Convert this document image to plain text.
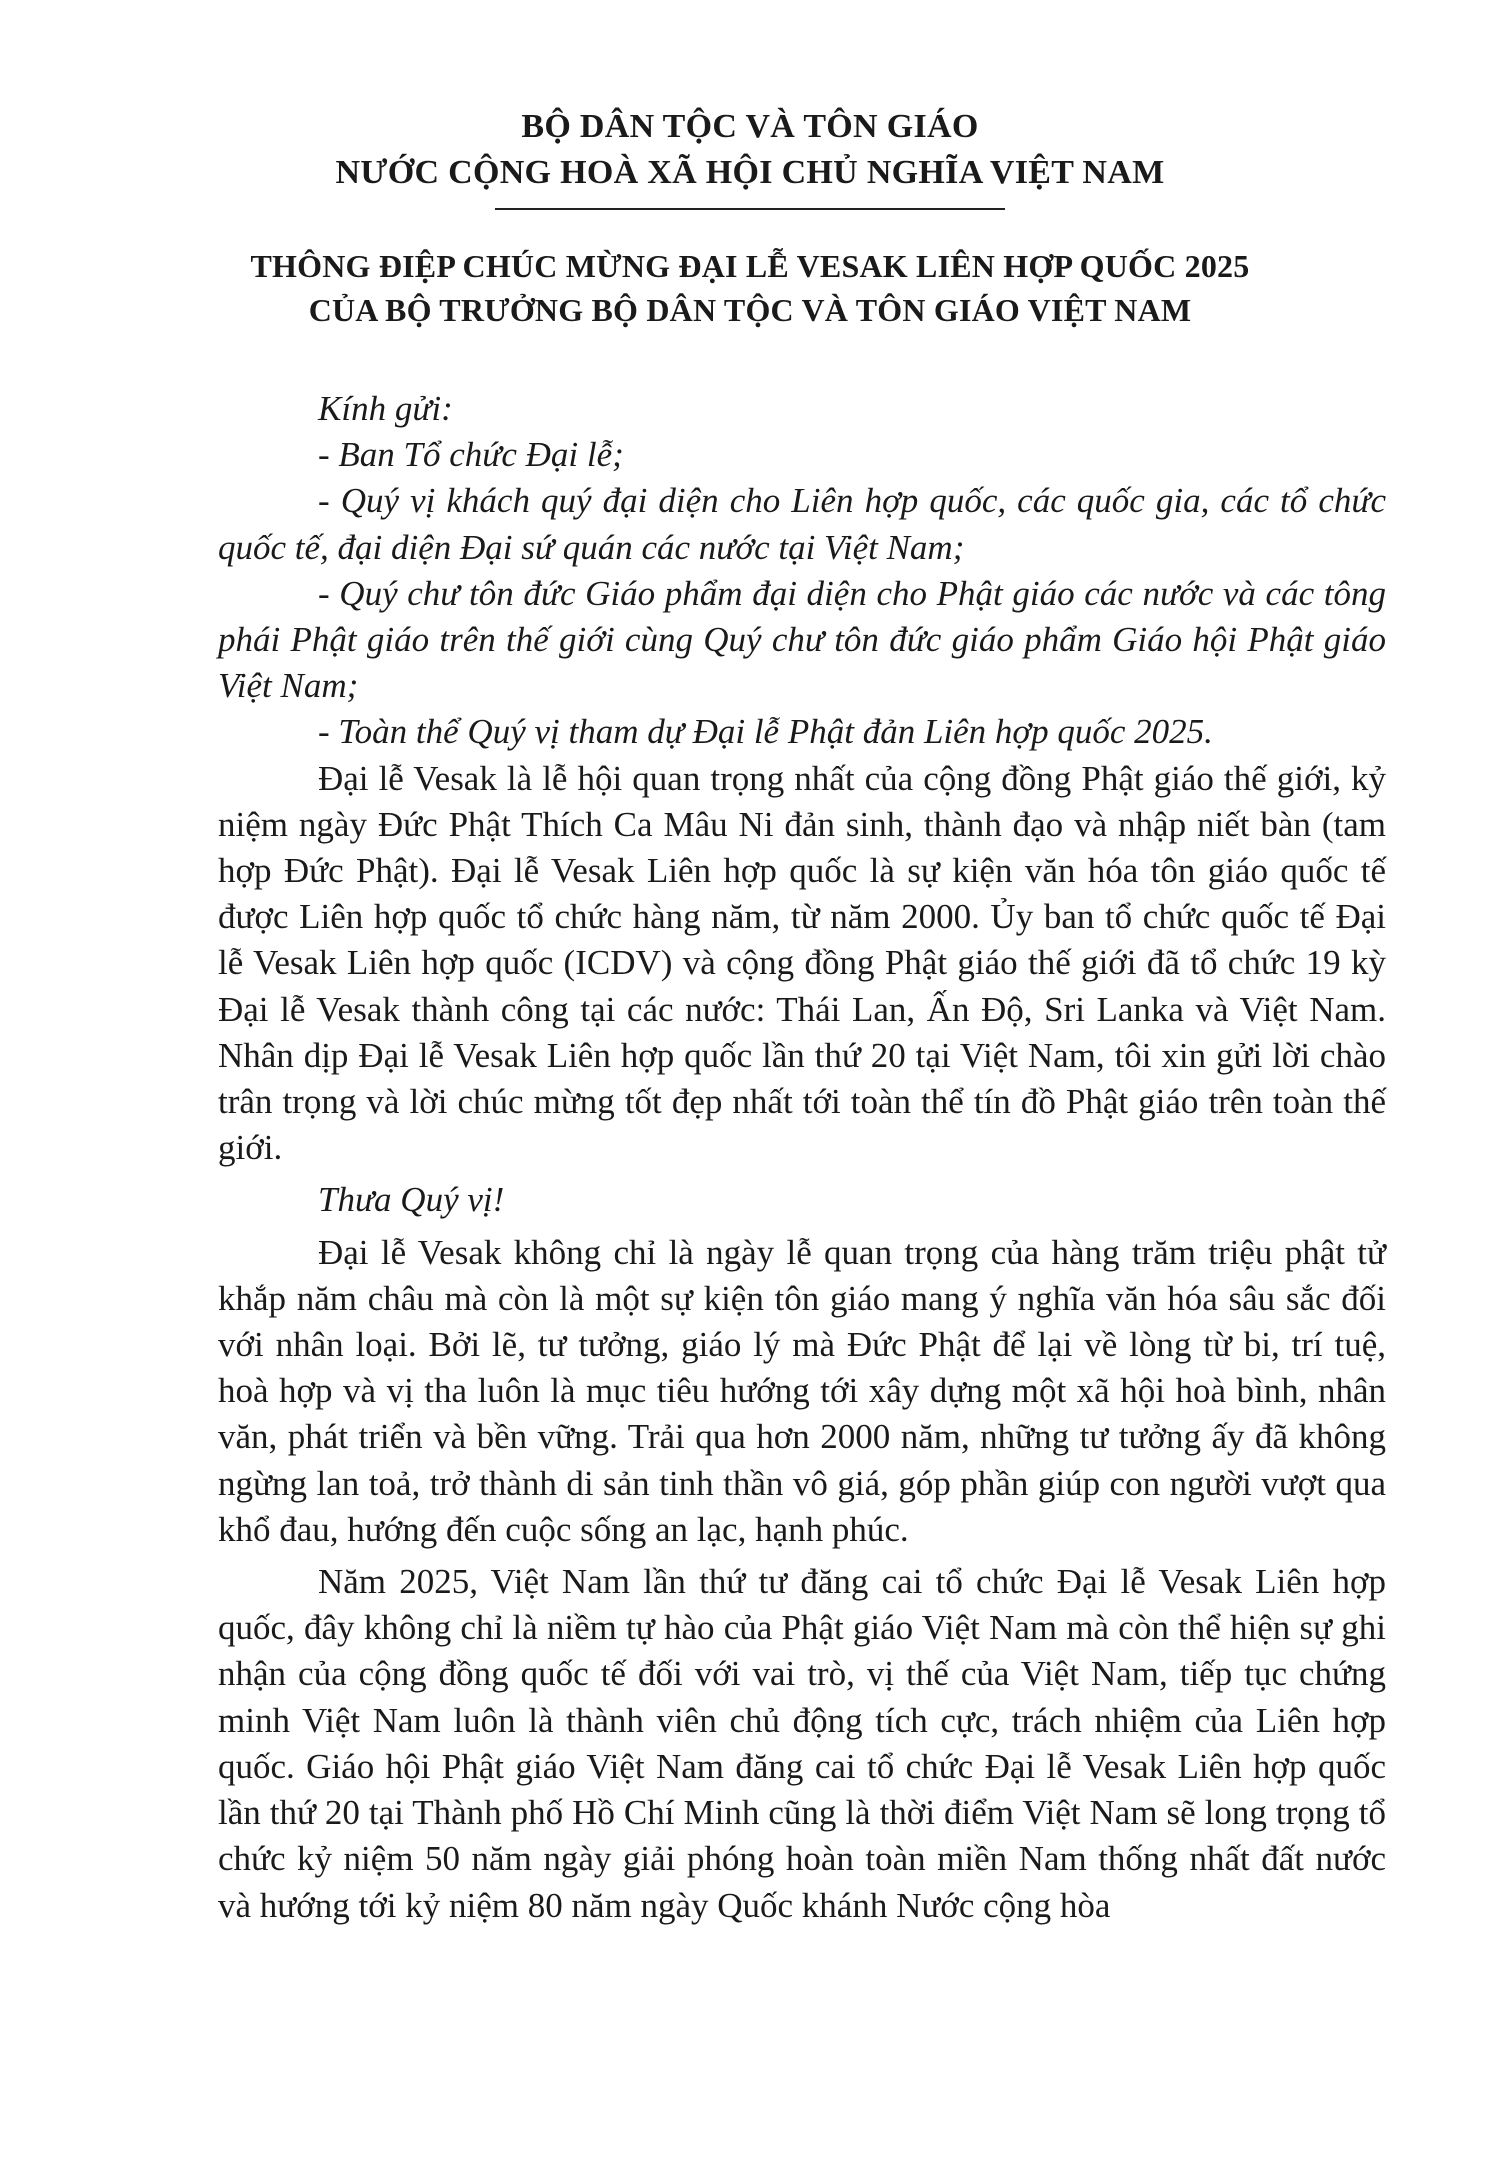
BỘ DÂN TỘC VÀ TÔN GIÁO

NƯỚC CỘNG HOÀ XÃ HỘI CHỦ NGHĨA VIỆT NAM

THÔNG ĐIỆP CHÚC MỪNG ĐẠI LỄ VESAK LIÊN HỢP QUỐC 2025

CỦA BỘ TRƯỞNG BỘ DÂN TỘC VÀ TÔN GIÁO VIỆT NAM

Kính gửi:

- Ban Tổ chức Đại lễ;

- Quý vị khách quý đại diện cho Liên hợp quốc, các quốc gia, các tổ chức quốc tế, đại diện Đại sứ quán các nước tại Việt Nam;

- Quý chư tôn đức Giáo phẩm đại diện cho Phật giáo các nước và các tông phái Phật giáo trên thế giới cùng Quý chư tôn đức giáo phẩm Giáo hội Phật giáo Việt Nam;

- Toàn thể Quý vị tham dự Đại lễ Phật đản Liên hợp quốc 2025.

Đại lễ Vesak là lễ hội quan trọng nhất của cộng đồng Phật giáo thế giới, kỷ niệm ngày Đức Phật Thích Ca Mâu Ni đản sinh, thành đạo và nhập niết bàn (tam hợp Đức Phật). Đại lễ Vesak Liên hợp quốc là sự kiện văn hóa tôn giáo quốc tế được Liên hợp quốc tổ chức hàng năm, từ năm 2000. Ủy ban tổ chức quốc tế Đại lễ Vesak Liên hợp quốc (ICDV) và cộng đồng Phật giáo thế giới đã tổ chức 19 kỳ Đại lễ Vesak thành công tại các nước: Thái Lan, Ấn Độ, Sri Lanka và Việt Nam. Nhân dịp Đại lễ Vesak Liên hợp quốc lần thứ 20 tại Việt Nam, tôi xin gửi lời chào trân trọng và lời chúc mừng tốt đẹp nhất tới toàn thể tín đồ Phật giáo trên toàn thế giới.

Thưa Quý vị!

Đại lễ Vesak không chỉ là ngày lễ quan trọng của hàng trăm triệu phật tử khắp năm châu mà còn là một sự kiện tôn giáo mang ý nghĩa văn hóa sâu sắc đối với nhân loại. Bởi lẽ, tư tưởng, giáo lý mà Đức Phật để lại về lòng từ bi, trí tuệ, hoà hợp và vị tha luôn là mục tiêu hướng tới xây dựng một xã hội hoà bình, nhân văn, phát triển và bền vững. Trải qua hơn 2000 năm, những tư tưởng ấy đã không ngừng lan toả, trở thành di sản tinh thần vô giá, góp phần giúp con người vượt qua khổ đau, hướng đến cuộc sống an lạc, hạnh phúc.

Năm 2025, Việt Nam lần thứ tư đăng cai tổ chức Đại lễ Vesak Liên hợp quốc, đây không chỉ là niềm tự hào của Phật giáo Việt Nam mà còn thể hiện sự ghi nhận của cộng đồng quốc tế đối với vai trò, vị thế của Việt Nam, tiếp tục chứng minh Việt Nam luôn là thành viên chủ động tích cực, trách nhiệm của Liên hợp quốc. Giáo hội Phật giáo Việt Nam đăng cai tổ chức Đại lễ Vesak Liên hợp quốc lần thứ 20 tại Thành phố Hồ Chí Minh cũng là thời điểm Việt Nam sẽ long trọng tổ chức kỷ niệm 50 năm ngày giải phóng hoàn toàn miền Nam thống nhất đất nước và hướng tới kỷ niệm 80 năm ngày Quốc khánh Nước cộng hòa
